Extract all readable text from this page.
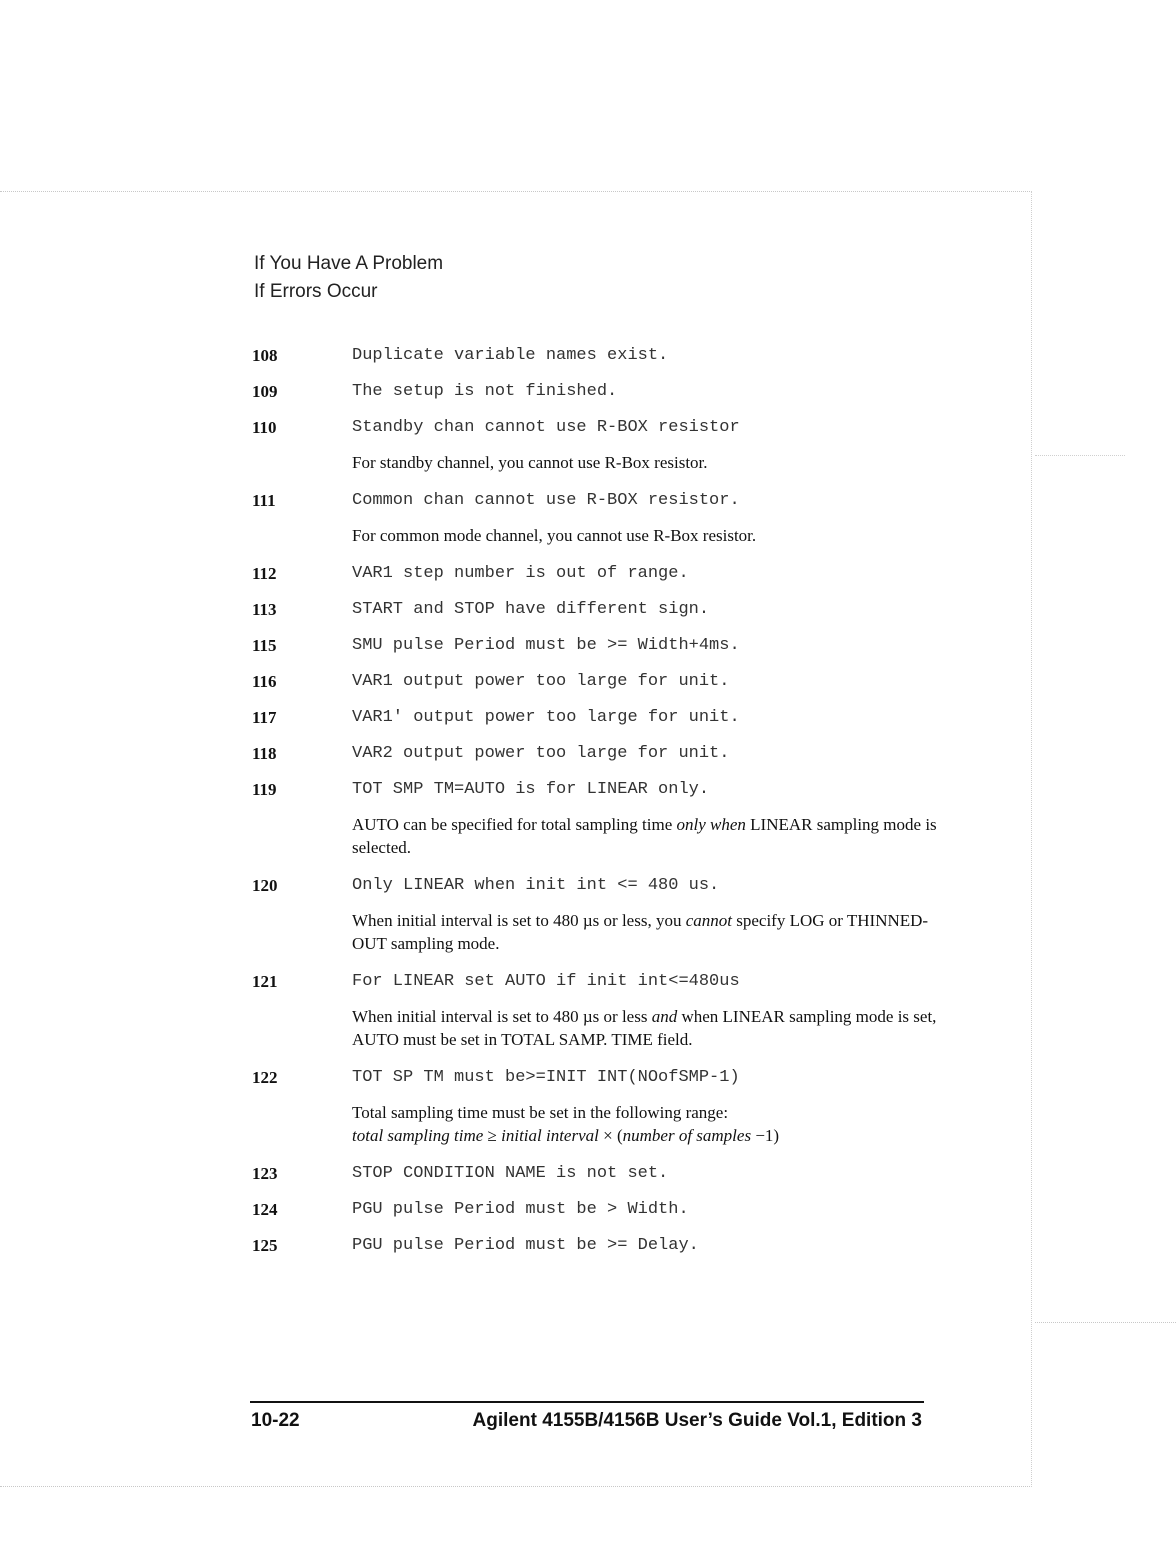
If You Have A Problem
If Errors Occur
108	Duplicate variable names exist.
109	The setup is not finished.
110	Standby chan cannot use R-BOX resistor
For standby channel, you cannot use R-Box resistor.
111	Common chan cannot use R-BOX resistor.
For common mode channel, you cannot use R-Box resistor.
112	VAR1 step number is out of range.
113	START and STOP have different sign.
115	SMU pulse Period must be >= Width+4ms.
116	VAR1 output power too large for unit.
117	VAR1' output power too large for unit.
118	VAR2 output power too large for unit.
119	TOT SMP TM=AUTO is for LINEAR only.
AUTO can be specified for total sampling time only when LINEAR sampling mode is selected.
120	Only LINEAR when init int <= 480 us.
When initial interval is set to 480 µs or less, you cannot specify LOG or THINNED-OUT sampling mode.
121	For LINEAR set AUTO if init int<=480us
When initial interval is set to 480 µs or less and when LINEAR sampling mode is set, AUTO must be set in TOTAL SAMP. TIME field.
122	TOT SP TM must be>=INIT INT(NOofSMP-1)
Total sampling time must be set in the following range:
total sampling time ≥ initial interval × (number of samples −1)
123	STOP CONDITION NAME is not set.
124	PGU pulse Period must be > Width.
125	PGU pulse Period must be >= Delay.
10-22	Agilent 4155B/4156B User’s Guide Vol.1, Edition 3
